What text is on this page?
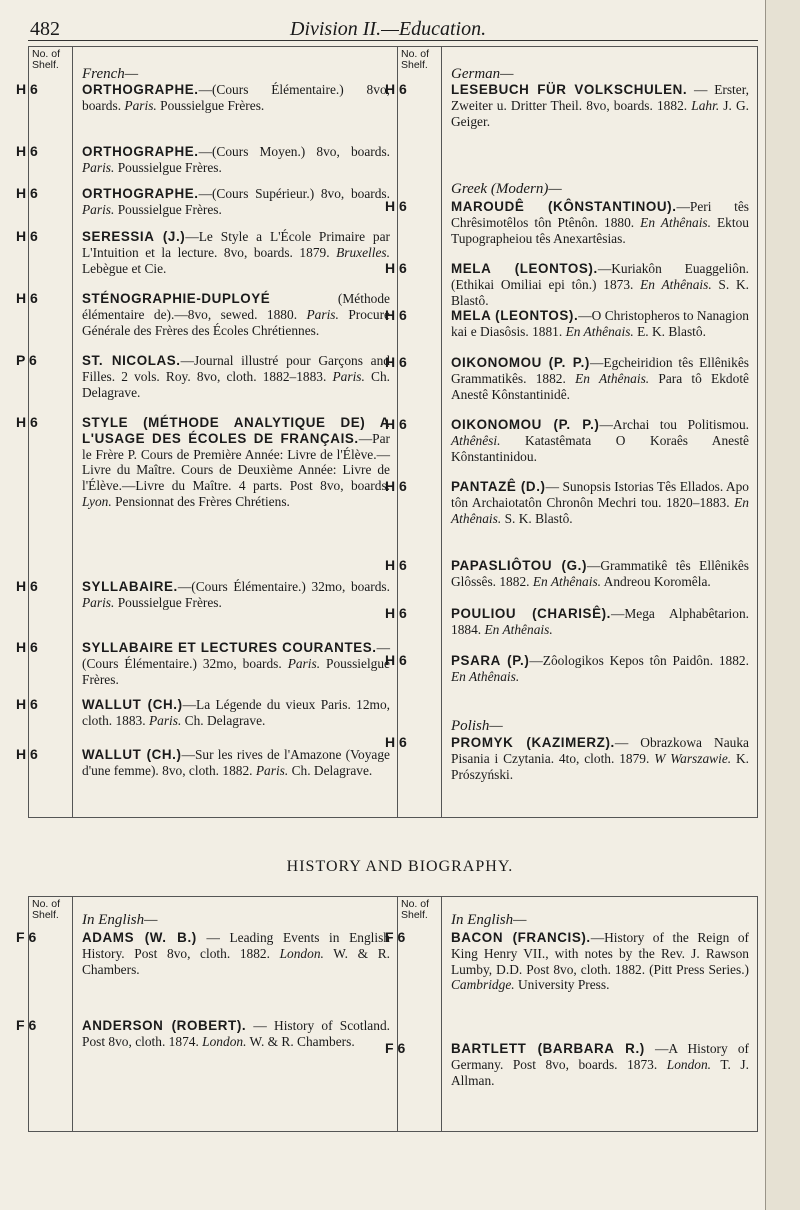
482	Division II.—Education.
No. of Shelf.
No. of Shelf.
French—
H 6	ORTHOGRAPHE.—(Cours Élémentaire.) 8vo, boards. Paris. Poussielgue Frères.
H 6	ORTHOGRAPHE.—(Cours Moyen.) 8vo, boards. Paris. Poussielgue Frères.
H 6	ORTHOGRAPHE.—(Cours Supérieur.) 8vo, boards. Paris. Poussielgue Frères.
H 6	SERESSIA (J.)—Le Style a L'École Primaire par L'Intuition et la lecture. 8vo, boards. 1879. Bruxelles. Lebègue et Cie.
H 6	STÉNOGRAPHIE-DUPLOYÉ (Méthode élémentaire de).—8vo, sewed. 1880. Paris. Procure Générale des Frères des Écoles Chrétiennes.
P 6	ST. NICOLAS.—Journal illustré pour Garçons and Filles. 2 vols. Roy. 8vo, cloth. 1882–1883. Paris. Ch. Delagrave.
H 6	STYLE (MÉTHODE ANALYTIQUE DE) A L'USAGE DES ÉCOLES DE FRANÇAIS.—Par le Frère P. Cours de Première Année: Livre de l'Élève.— Livre du Maître. Cours de Deuxième Année: Livre de l'Élève.—Livre du Maître. 4 parts. Post 8vo, boards. Lyon. Pensionnat des Frères Chrétiens.
H 6	SYLLABAIRE.—(Cours Élémentaire.) 32mo, boards. Paris. Poussielgue Frères.
H 6	SYLLABAIRE ET LECTURES COURANTES.—(Cours Élémentaire.) 32mo, boards. Paris. Poussielgue Frères.
H 6	WALLUT (CH.)—La Légende du vieux Paris. 12mo, cloth. 1883. Paris. Ch. Delagrave.
H 6	WALLUT (CH.)—Sur les rives de l'Amazone (Voyage d'une femme). 8vo, cloth. 1882. Paris. Ch. Delagrave.
German—
Greek (Modern)—
Polish—
H 6	LESEBUCH FÜR VOLKSCHULEN. — Erster, Zweiter u. Dritter Theil. 8vo, boards. 1882. Lahr. J. G. Geiger.
H 6	MAROUDÊ (KÔNSTANTINOU).—Peri tês Chrêsimotêlos tôn Ptênôn. 1880. En Athênais. Ektou Tupographeiou tês Anexartêsias.
H 6	MELA (LEONTOS).—Kuriakôn Euaggeliôn. (Ethikai Omiliai epi tôn.) 1873. En Athênais. S. K. Blastô.
H 6	MELA (LEONTOS).—O Christopheros to Nanagion kai e Diasôsis. 1881. En Athênais. E. K. Blastô.
H 6	OIKONOMOU (P. P.)—Egcheiridion tês Ellênikês Grammatikês. 1882. En Athênais. Para tô Ekdotê Anestê Kônstantinidê.
H 6	OIKONOMOU (P. P.)—Archai tou Politismou. Athênêsi. Katastêmata O Koraês Anestê Kônstantinidou.
H 6	PANTAZÊ (D.)— Sunopsis Istorias Tês Ellados. Apo tôn Archaiotatôn Chronôn Mechri tou. 1820–1883. En Athênais. S. K. Blastô.
H 6	PAPASLIÔTOU (G.)—Grammatikê tês Ellênikês Glôssês. 1882. En Athênais. Andreou Koromêla.
H 6	POULIOU (CHARISÊ).—Mega Alphabêtarion. 1884. En Athênais.
H 6	PSARA (P.)—Zôologikos Kepos tôn Paidôn. 1882. En Athênais.
H 6	PROMYK (KAZIMERZ).— Obrazkowa Nauka Pisania i Czytania. 4to, cloth. 1879. W Warszawie. K. Prószyński.
HISTORY AND BIOGRAPHY.
No. of Shelf.
No. of Shelf.
In English—	In English—
F 6	ADAMS (W. B.) — Leading Events in English History. Post 8vo, cloth. 1882. London. W. & R. Chambers.
F 6	ANDERSON (ROBERT). — History of Scotland. Post 8vo, cloth. 1874. London. W. & R. Chambers.
F 6	BACON (FRANCIS).—History of the Reign of King Henry VII., with notes by the Rev. J. Rawson Lumby, D.D. Post 8vo, cloth. 1882. (Pitt Press Series.) Cambridge. University Press.
F 6	BARTLETT (BARBARA R.) —A History of Germany. Post 8vo, boards. 1873. London. T. J. Allman.
